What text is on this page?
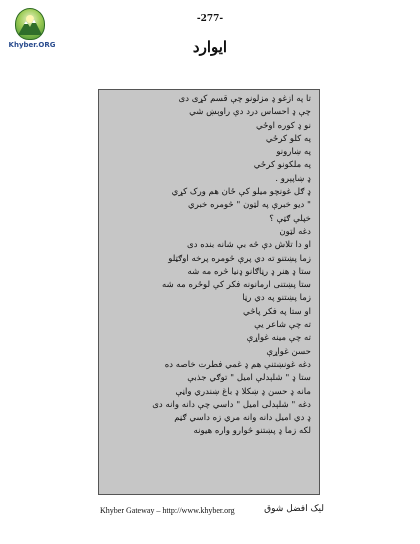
Khyber.ORG
-277-
ایوارد
تا په ازغو ډ مزلونو چې قسم کړی دی
چې ډ احساس درد دې راوېښ شي
نو ډ کوره اوځي
په کلو کرځي
په ښارونو
په ملکونو کرځي
ډ ښاپېرو .
ډ ګل غونچو میلو کې ځان هم ورک کړي
" دیو خبرې په لټون " څومره خبري
خپلې ګټې ؟
دغه لټون
او دا تلاش دې څه بې شانه بنده دی
زما پښتنو ته دي پرې څومره پرخه اوګټلو
ستا ډ هنر ډ رڼاګانو ډنیا څره مه شه
ستا پښتنی ارمانونه فکر کې لوځره مه شه
زما پښتنو په دي رڼا
او ستا په فکر پاڅي
ته چې شاعر یې
ته چې مینه غواړې
حسن غواړې
دغه غونښتنې هم ډ غمي فطرت خاصه ده
ستا ډ " شلېدلې امیل " توګي جذبې
مانه ډ حسن ډ ښکلا ډ باغ ښندري واڼې
دغه " شلېدلی امیل " داسي چې دانه وانه دی
ډ دي امیل دانه وانه مري زه داسي ګڼم
لکه زما ډ پښتنو څوارو واره هیونه
Khyber Gateway – http://www.khyber.org	لیک افضل شوق
